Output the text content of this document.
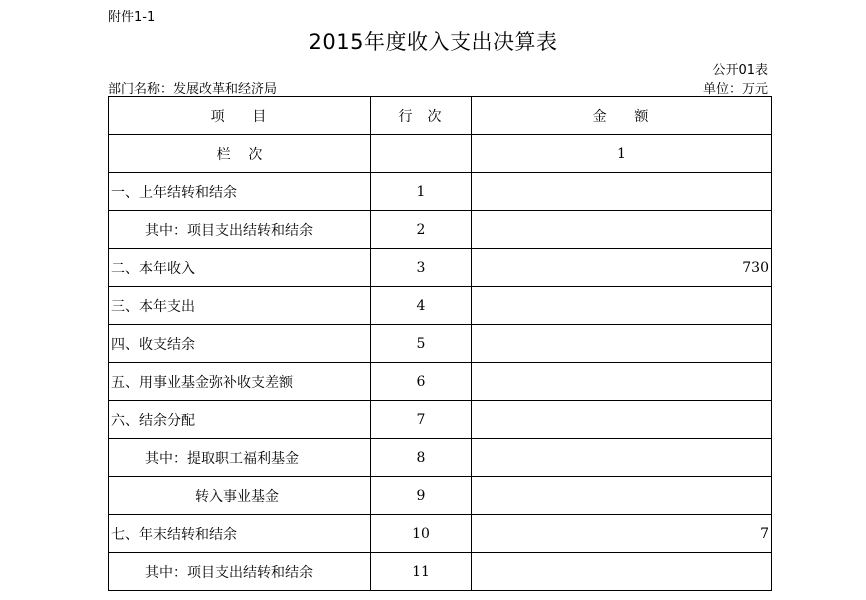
附件1-1
2015年度收入支出决算表
公开01表
部门名称：发展改革和经济局	单位：万元
项    目	行  次	金    额
栏    次		1
一、上年结转和结余	1	
其中：项目支出结转和结余	2	
二、本年收入	3	730
三、本年支出	4	
四、收支结余	5	
五、用事业基金弥补收支差额	6	
六、结余分配	7	
其中：提取职工福利基金	8	
转入事业基金	9	
七、年末结转和结余	10	7
其中：项目支出结转和结余	11	
